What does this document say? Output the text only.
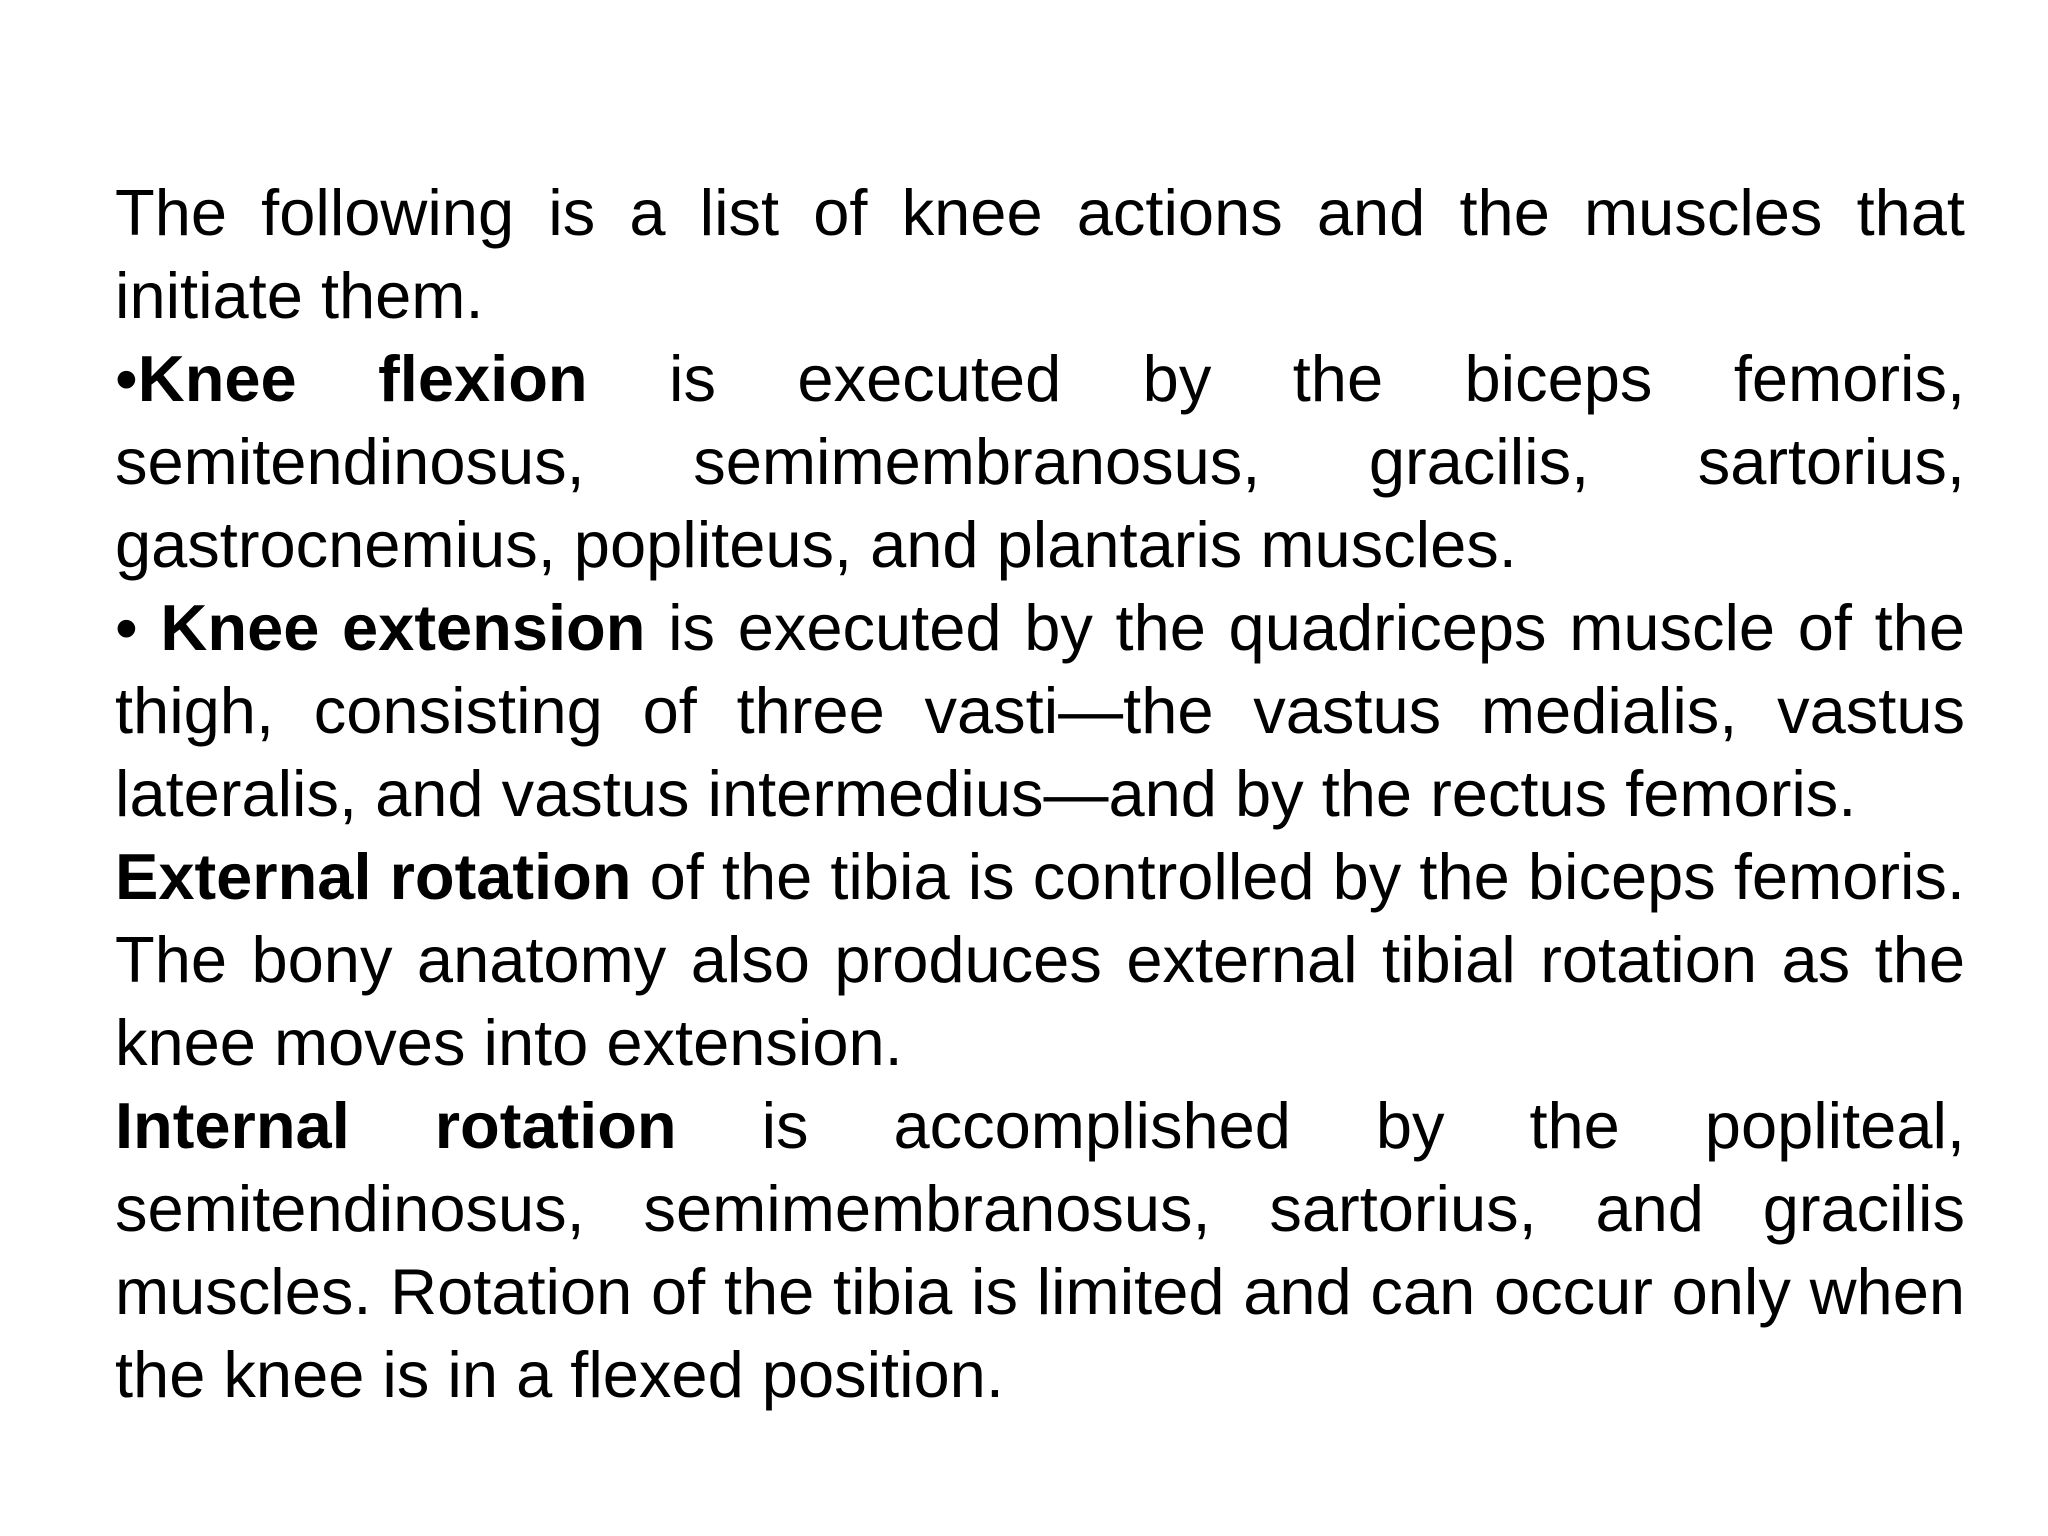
The following is a list of knee actions and the muscles that initiate them.

•Knee flexion is executed by the biceps femoris, semitendinosus, semimembranosus, gracilis, sartorius, gastrocnemius, popliteus, and plantaris muscles.

• Knee extension is executed by the quadriceps muscle of the thigh, consisting of three vasti—the vastus medialis, vastus lateralis, and vastus intermedius—and by the rectus femoris.

External rotation of the tibia is controlled by the biceps femoris. The bony anatomy also produces external tibial rotation as the knee moves into extension.

Internal rotation is accomplished by the popliteal, semitendinosus, semimembranosus, sartorius, and gracilis muscles. Rotation of the tibia is limited and can occur only when the knee is in a flexed position.
